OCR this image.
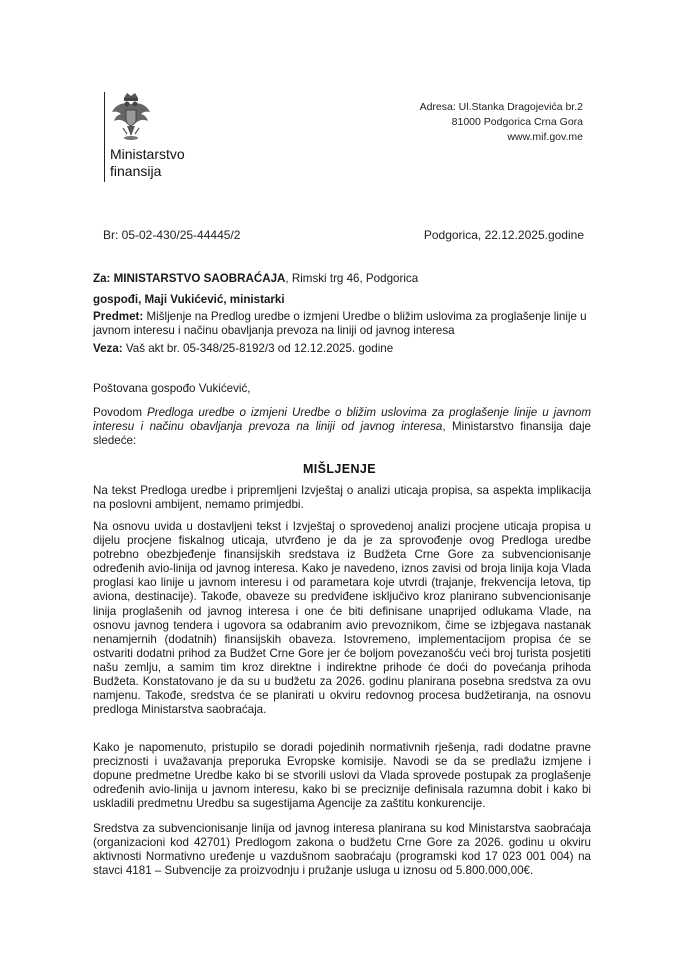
Ministarstvo
finansija
Adresa: Ul.Stanka Dragojevića br.2
81000 Podgorica Crna Gora
www.mif.gov.me
Br: 05-02-430/25-44445/2	Podgorica, 22.12.2025.godine
Za: MINISTARSTVO SAOBRAĆAJA, Rimski trg 46, Podgorica
gospođi, Maji Vukićević, ministarki
Predmet: Mišljenje na Predlog uredbe o izmjeni Uredbe o bližim uslovima za proglašenje linije u javnom interesu i načinu obavljanja prevoza na liniji od javnog interesa
Veza: Vaš akt br. 05-348/25-8192/3 od 12.12.2025. godine
Poštovana gospođo Vukićević,
Povodom Predloga uredbe o izmjeni Uredbe o bližim uslovima za proglašenje linije u javnom interesu i načinu obavljanja prevoza na liniji od javnog interesa, Ministarstvo finansija daje sledeće:
MIŠLJENJE
Na tekst Predloga uredbe i pripremljeni Izvještaj o analizi uticaja propisa, sa aspekta implikacija na poslovni ambijent, nemamo primjedbi.
Na osnovu uvida u dostavljeni tekst i Izvještaj o sprovedenoj analizi procjene uticaja propisa u dijelu procjene fiskalnog uticaja, utvrđeno je da je za sprovođenje ovog Predloga uredbe potrebno obezbjeđenje finansijskih sredstava iz Budžeta Crne Gore za subvencionisanje određenih avio-linija od javnog interesa. Kako je navedeno, iznos zavisi od broja linija koja Vlada proglasi kao linije u javnom interesu i od parametara koje utvrdi (trajanje, frekvencija letova, tip aviona, destinacije). Takođe, obaveze su predviđene isključivo kroz planirano subvencionisanje linija proglašenih od javnog interesa i one će biti definisane unaprijed odlukama Vlade, na osnovu javnog tendera i ugovora sa odabranim avio prevoznikom, čime se izbjegava nastanak nenamjernih (dodatnih) finansijskih obaveza. Istovremeno, implementacijom propisa će se ostvariti dodatni prihod za Budžet Crne Gore jer će boljom povezanošću veći broj turista posjetiti našu zemlju, a samim tim kroz direktne i indirektne prihode će doći do povećanja prihoda Budžeta. Konstatovano je da su u budžetu za 2026. godinu planirana posebna sredstva za ovu namjenu. Takođe, sredstva će se planirati u okviru redovnog procesa budžetiranja, na osnovu predloga Ministarstva saobraćaja.
Kako je napomenuto, pristupilo se doradi pojedinih normativnih rješenja, radi dodatne pravne preciznosti i uvažavanja preporuka Evropske komisije. Navodi se da se predlažu izmjene i dopune predmetne Uredbe kako bi se stvorili uslovi da Vlada sprovede postupak za proglašenje određenih avio-linija u javnom interesu, kako bi se preciznije definisala razumna dobit i kako bi uskladili predmetnu Uredbu sa sugestijama Agencije za zaštitu konkurencije.
Sredstva za subvencionisanje linija od javnog interesa planirana su kod Ministarstva saobraćaja (organizacioni kod 42701) Predlogom zakona o budžetu Crne Gore za 2026. godinu u okviru aktivnosti Normativno uređenje u vazdušnom saobraćaju (programski kod 17 023 001 004) na stavci 4181 – Subvencije za proizvodnju i pružanje usluga u iznosu od 5.800.000,00€.
